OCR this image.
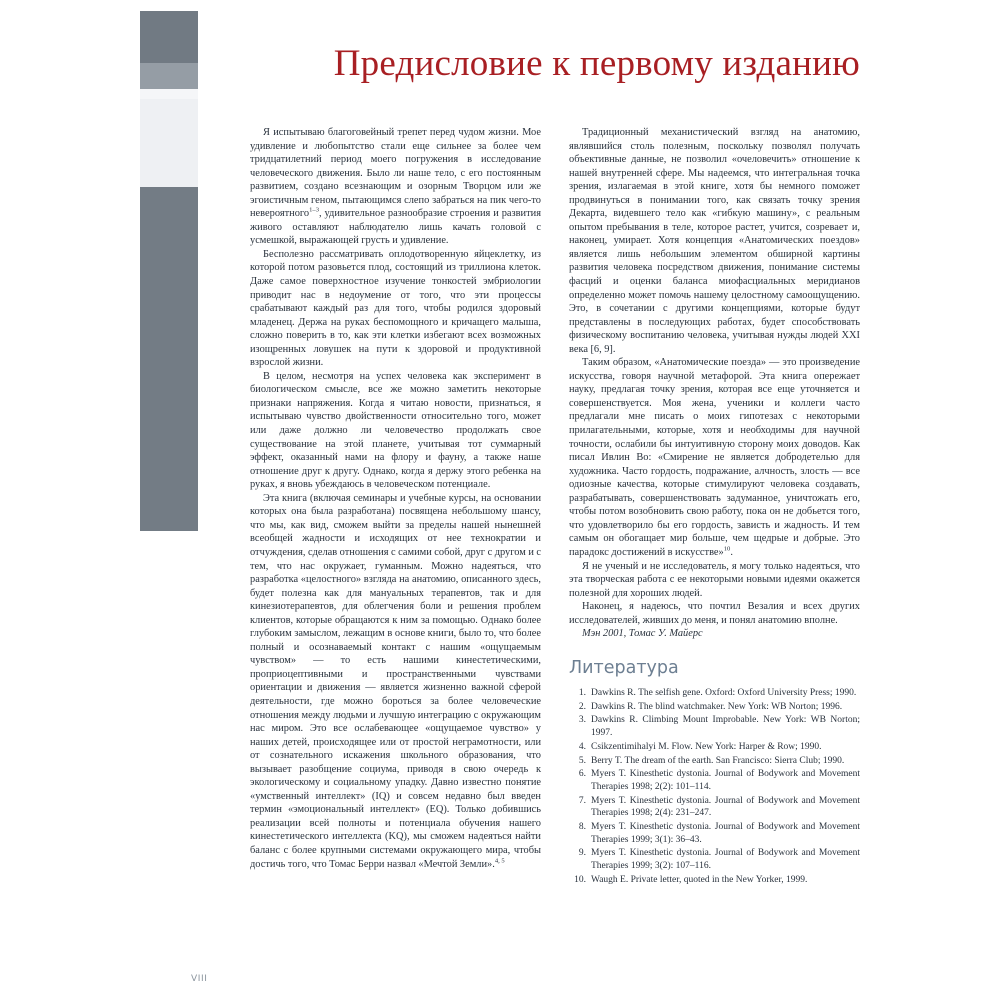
Предисловие к первому изданию

Я испытываю благоговейный трепет перед чудом жизни. Мое удивление и любопытство стали еще сильнее за более чем тридцатилетний период моего погружения в исследование человеческого движения. Было ли наше тело, с его постоянным развитием, создано всезнающим и озорным Творцом или же эгоистичным геном, пытающимся слепо забраться на пик чего-то невероятного$^{1-3}$, удивительное разнообразие строения и развития живого оставляют наблюдателю лишь качать головой с усмешкой, выражающей грусть и удивление.

Бесполезно рассматривать оплодотворенную яйцеклетку, из которой потом разовьется плод, состоящий из триллиона клеток. Даже самое поверхностное изучение тонкостей эмбриологии приводит нас в недоумение от того, что эти процессы срабатывают каждый раз для того, чтобы родился здоровый младенец. Держа на руках беспомощного и кричащего малыша, сложно поверить в то, как эти клетки избегают всех возможных изощренных ловушек на пути к здоровой и продуктивной взрослой жизни.

В целом, несмотря на успех человека как эксперимент в биологическом смысле, все же можно заметить некоторые признаки напряжения. Когда я читаю новости, признаться, я испытываю чувство двойственности относительно того, может или даже должно ли человечество продолжать свое существование на этой планете, учитывая тот суммарный эффект, оказанный нами на флору и фауну, а также наше отношение друг к другу. Однако, когда я держу этого ребенка на руках, я вновь убеждаюсь в человеческом потенциале.

Эта книга (включая семинары и учебные курсы, на основании которых она была разработана) посвящена небольшому шансу, что мы, как вид, сможем выйти за пределы нашей нынешней всеобщей жадности и исходящих от нее технократии и отчуждения, сделав отношения с самими собой, друг с другом и с тем, что нас окружает, гуманным. Можно надеяться, что разработка «целостного» взгляда на анатомию, описанного здесь, будет полезна как для мануальных терапевтов, так и для кинезиотерапевтов, для облегчения боли и решения проблем клиентов, которые обращаются к ним за помощью. Однако более глубоким замыслом, лежащим в основе книги, было то, что более полный и осознаваемый контакт с нашим «ощущаемым чувством» — то есть нашими кинестетическими, проприоцептивными и пространственными чувствами ориентации и движения — является жизненно важной сферой деятельности, где можно бороться за более человеческие отношения между людьми и лучшую интеграцию с окружающим нас миром. Это все ослабевающее «ощущаемое чувство» у наших детей, происходящее или от простой неграмотности, или от сознательного искажения школьного образования, что вызывает разобщение социума, приводя в свою очередь к экологическому и социальному упадку. Давно известно понятие «умственный интеллект» (IQ) и совсем недавно был введен термин «эмоциональный интеллект» (EQ). Только добившись реализации всей полноты и потенциала обучения нашего кинестетического интеллекта (KQ), мы сможем надеяться найти баланс с более крупными системами окружающего мира, чтобы достичь того, что Томас Берри назвал «Мечтой Земли».$^{4, 5}$

Традиционный механистический взгляд на анатомию, являвшийся столь полезным, поскольку позволял получать объективные данные, не позволил «очеловечить» отношение к нашей внутренней сфере. Мы надеемся, что интегральная точка зрения, излагаемая в этой книге, хотя бы немного поможет продвинуться в понимании того, как связать точку зрения Декарта, видевшего тело как «гибкую машину», с реальным опытом пребывания в теле, которое растет, учится, созревает и, наконец, умирает. Хотя концепция «Анатомических поездов» является лишь небольшим элементом обширной картины развития человека посредством движения, понимание системы фасций и оценки баланса миофасциальных меридианов определенно может помочь нашему целостному самоощущению. Это, в сочетании с другими концепциями, которые будут представлены в последующих работах, будет способствовать физическому воспитанию человека, учитывая нужды людей XXI века [6, 9].

Таким образом, «Анатомические поезда» — это произведение искусства, говоря научной метафорой. Эта книга опережает науку, предлагая точку зрения, которая все еще уточняется и совершенствуется. Моя жена, ученики и коллеги часто предлагали мне писать о моих гипотезах с некоторыми прилагательными, которые, хотя и необходимы для научной точности, ослабили бы интуитивную сторону моих доводов. Как писал Ивлин Во: «Смирение не является добродетелью для художника. Часто гордость, подражание, алчность, злость — все одиозные качества, которые стимулируют человека создавать, разрабатывать, совершенствовать задуманное, уничтожать его, чтобы потом возобновить свою работу, пока он не добьется того, что удовлетворило бы его гордость, зависть и жадность. И тем самым он обогащает мир больше, чем щедрые и добрые. Это парадокс достижений в искусстве»$^{10}$.

Я не ученый и не исследователь, я могу только надеяться, что эта творческая работа с ее некоторыми новыми идеями окажется полезной для хороших людей.

Наконец, я надеюсь, что почтил Везалия и всех других исследователей, живших до меня, и понял анатомию вполне.

Мэн 2001, Томас У. Майерс

Литература
Dawkins R. The selfish gene. Oxford: Oxford University Press; 1990.
Dawkins R. The blind watchmaker. New York: WB Norton; 1996.
Dawkins R. Climbing Mount Improbable. New York: WB Norton; 1997.
Csikzentimihalyi M. Flow. New York: Harper & Row; 1990.
Berry T. The dream of the earth. San Francisco: Sierra Club; 1990.
Myers T. Kinesthetic dystonia. Journal of Bodywork and Movement Therapies 1998; 2(2): 101–114.
Myers T. Kinesthetic dystonia. Journal of Bodywork and Movement Therapies 1998; 2(4): 231–247.
Myers T. Kinesthetic dystonia. Journal of Bodywork and Movement Therapies 1999; 3(1): 36–43.
Myers T. Kinesthetic dystonia. Journal of Bodywork and Movement Therapies 1999; 3(2): 107–116.
Waugh E. Private letter, quoted in the New Yorker, 1999.
VIII
